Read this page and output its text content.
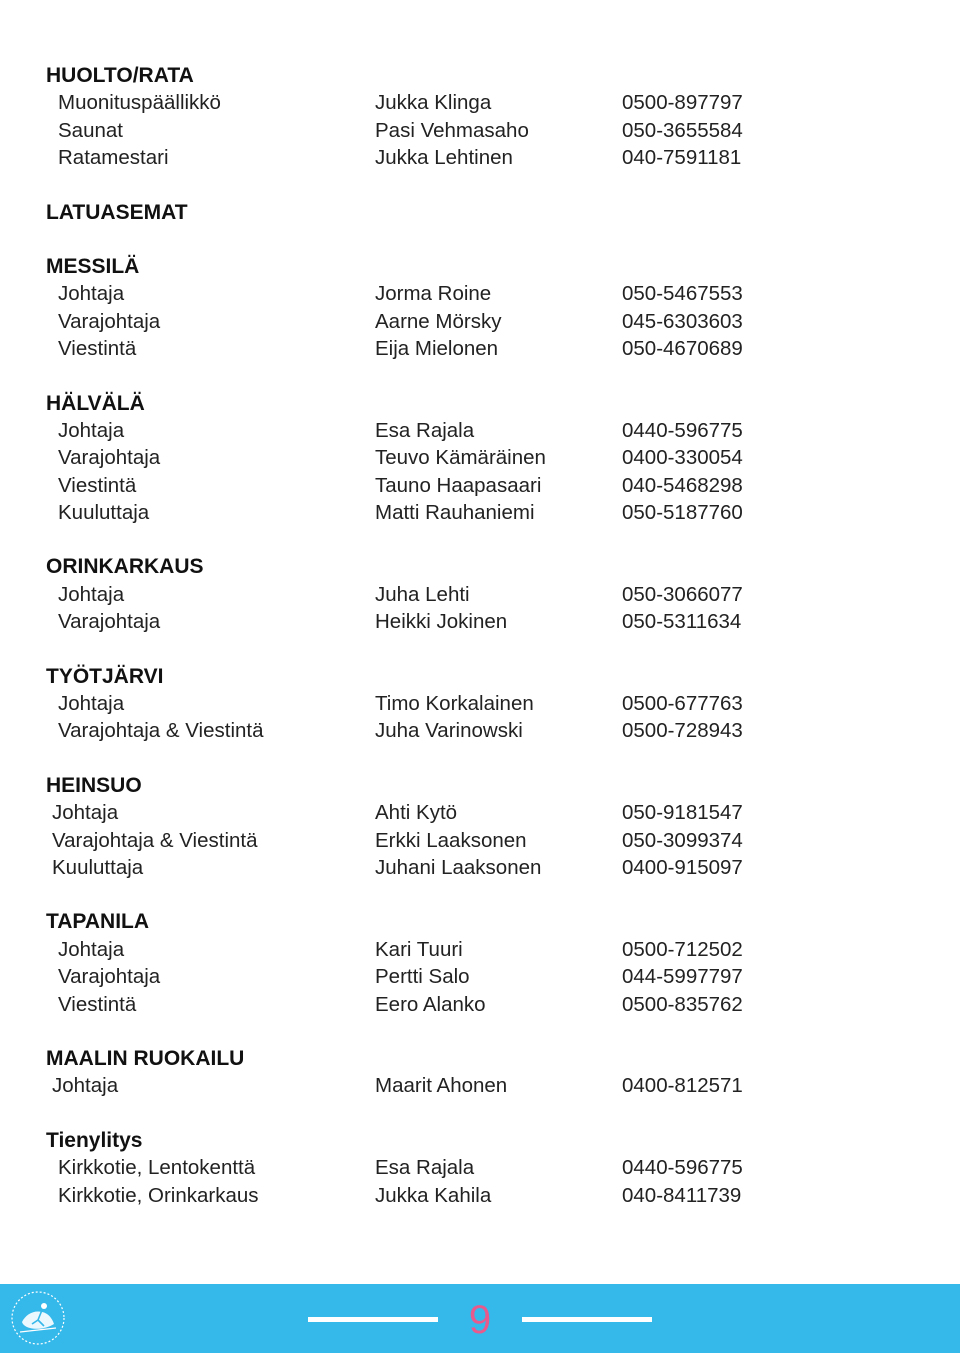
HUOLTO/RATA
Muonituspäällikkö	Jukka Klinga	0500-897797
Saunat	Pasi Vehmasaho	050-3655584
Ratamestari	Jukka Lehtinen	040-7591181
LATUASEMAT
MESSILÄ
Johtaja	Jorma Roine	050-5467553
Varajohtaja	Aarne Mörsky	045-6303603
Viestintä	Eija Mielonen	050-4670689
HÄLVÄLÄ
Johtaja	Esa Rajala	0440-596775
Varajohtaja	Teuvo Kämäräinen	0400-330054
Viestintä	Tauno Haapasaari	040-5468298
Kuuluttaja	Matti Rauhaniemi	050-5187760
ORINKARKAUS
Johtaja	Juha Lehti	050-3066077
Varajohtaja	Heikki Jokinen	050-5311634
TYÖTJÄRVI
Johtaja	Timo Korkalainen	0500-677763
Varajohtaja & Viestintä	Juha Varinowski	0500-728943
HEINSUO
Johtaja	Ahti Kytö	050-9181547
Varajohtaja & Viestintä	Erkki Laaksonen	050-3099374
Kuuluttaja	Juhani Laaksonen	0400-915097
TAPANILA
Johtaja	Kari Tuuri	0500-712502
Varajohtaja	Pertti Salo	044-5997797
Viestintä	Eero Alanko	0500-835762
MAALIN RUOKAILU
Johtaja	Maarit Ahonen	0400-812571
Tienylitys
Kirkkotie, Lentokenttä	Esa Rajala	0440-596775
Kirkkotie, Orinkarkaus	Jukka Kahila	040-8411739
9
